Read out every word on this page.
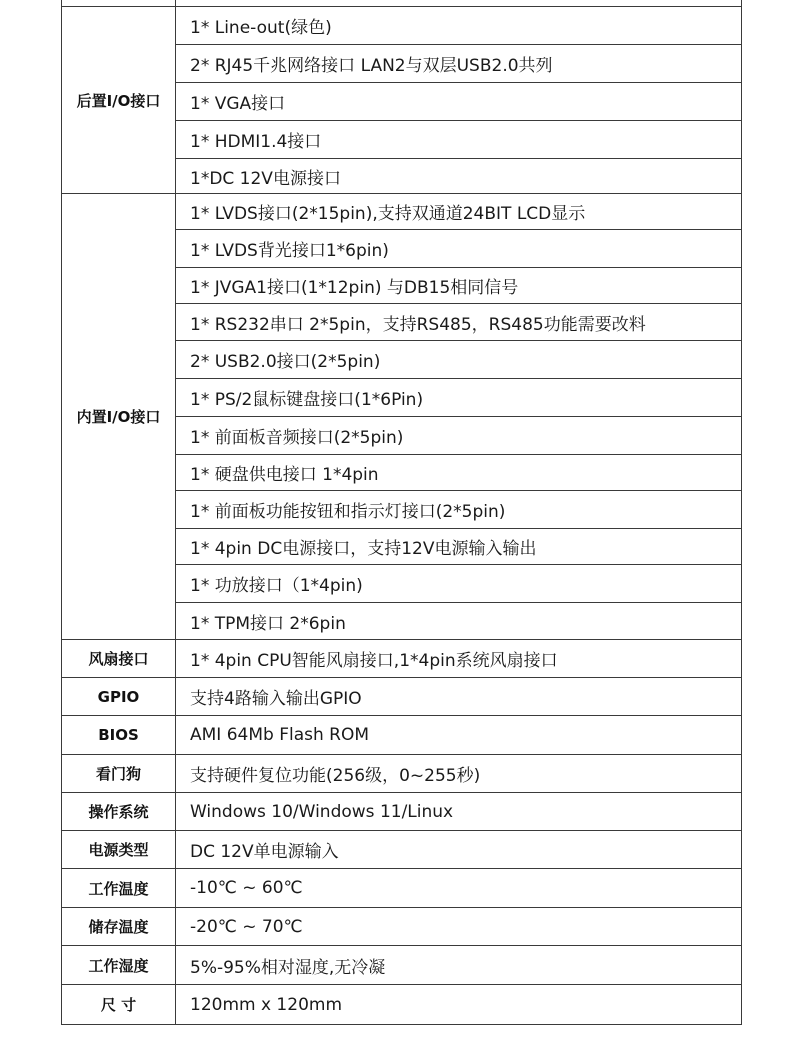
后置I/O接口	1* Line-out(绿色)
	2* RJ45千兆网络接口 LAN2与双层USB2.0共列
	1* VGA接口
	1* HDMI1.4接口
	1*DC 12V电源接口
内置I/O接口	1* LVDS接口(2*15pin),支持双通道24BIT LCD显示
	1* LVDS背光接口1*6pin)
	1* JVGA1接口(1*12pin) 与DB15相同信号
	1* RS232串口 2*5pin，支持RS485，RS485功能需要改料
	2* USB2.0接口(2*5pin)
	1* PS/2鼠标键盘接口(1*6Pin)
	1* 前面板音频接口(2*5pin)
	1* 硬盘供电接口 1*4pin
	1* 前面板功能按钮和指示灯接口(2*5pin)
	1* 4pin DC电源接口，支持12V电源输入输出
	1* 功放接口（1*4pin)
	1* TPM接口 2*6pin
风扇接口	1* 4pin CPU智能风扇接口,1*4pin系统风扇接口
GPIO	支持4路输入输出GPIO
BIOS	AMI 64Mb Flash ROM
看门狗	支持硬件复位功能(256级，0~255秒)
操作系统	Windows 10/Windows 11/Linux
电源类型	DC 12V单电源输入
工作温度	-10℃ ~ 60℃
储存温度	-20℃ ~ 70℃
工作湿度	5%-95%相对湿度,无冷凝
尺 寸	120mm x 120mm
